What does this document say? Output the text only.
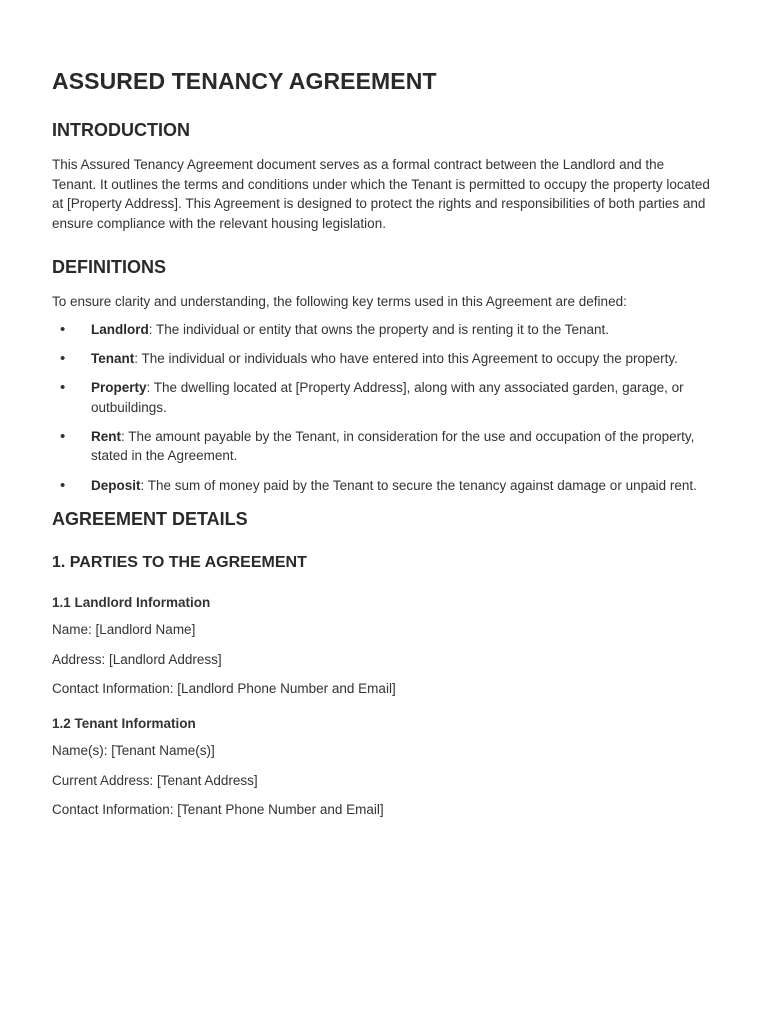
ASSURED TENANCY AGREEMENT
INTRODUCTION

This Assured Tenancy Agreement document serves as a formal contract between the Landlord and the Tenant. It outlines the terms and conditions under which the Tenant is permitted to occupy the property located at [Property Address]. This Agreement is designed to protect the rights and responsibilities of both parties and ensure compliance with the relevant housing legislation.

DEFINITIONS

To ensure clarity and understanding, the following key terms used in this Agreement are defined:

• Landlord: The individual or entity that owns the property and is renting it to the Tenant.
• Tenant: The individual or individuals who have entered into this Agreement to occupy the property.
• Property: The dwelling located at [Property Address], along with any associated garden, garage, or outbuildings.
• Rent: The amount payable by the Tenant, in consideration for the use and occupation of the property, stated in the Agreement.
• Deposit: The sum of money paid by the Tenant to secure the tenancy against damage or unpaid rent.
AGREEMENT DETAILS
1. PARTIES TO THE AGREEMENT
1.1 Landlord Information

Name: [Landlord Name]

Address: [Landlord Address]

Contact Information: [Landlord Phone Number and Email]

1.2 Tenant Information

Name(s): [Tenant Name(s)]

Current Address: [Tenant Address]

Contact Information: [Tenant Phone Number and Email]
